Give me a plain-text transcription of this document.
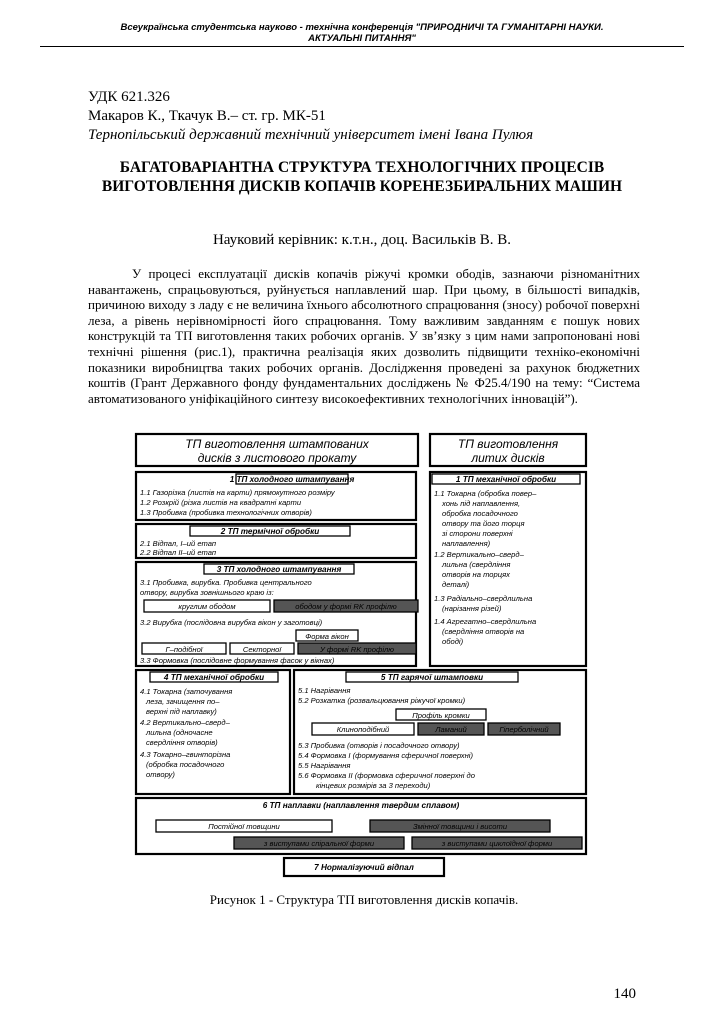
Всеукраїнська студентська науково - технічна конференція "ПРИРОДНИЧІ ТА ГУМАНІТАРНІ НАУКИ.
АКТУАЛЬНІ ПИТАННЯ"
УДК 621.326
Макаров К., Ткачук В.– ст. гр. МК-51
Тернопільський державний технічний університет імені Івана Пулюя
БАГАТОВАРІАНТНА СТРУКТУРА ТЕХНОЛОГІЧНИХ ПРОЦЕСІВ ВИГОТОВЛЕННЯ ДИСКІВ КОПАЧІВ КОРЕНЕЗБИРАЛЬНИХ МАШИН
Науковий керівник: к.т.н., доц. Васильків В. В.

У процесі експлуатації дисків копачів ріжучі кромки ободів, зазнаючи різноманітних навантажень, спрацьовуються, руйнується наплавлений шар. При цьому, в більшості випадків, причиною виходу з ладу є не величина їхнього абсолютного спрацювання (зносу) робочої поверхні леза, а рівень нерівномірності його спрацювання. Тому важливим завданням є пошук нових конструкцій та ТП виготовлення таких робочих органів. У зв’язку з цим нами запропоновані нові технічні рішення (рис.1), практична реалізація яких дозволить підвищити техніко-економічні показники виробництва таких робочих органів. Дослідження проведені за рахунок бюджетних коштів (Грант Державного фонду фундаментальних досліджень № Ф25.4/190 на тему: “Система автоматизованого уніфікаційного синтезу високоефективних технологічних інновацій”).

ТП виготовлення штампованих
дисків з листового прокату
ТП виготовлення
литих дисків
1 ТП холодного штампування
2 ТП термічної обробки
3 ТП холодного штампування
4 ТП механічної обробки	5 ТП гарячої штамповки
6 ТП наплавки (наплавлення твердим сплавом)
7 Нормалізуючий відпал
1 ТП механічної обробки
1.1 Газорізка (листів на карти) прямокутного розміру
1.2 Розкрій (різка листів на квадратні карти
1.3 Пробивка (пробивка технологічних отворів)
2.1 Відпал, I–ий етап
2.2 Відпал II–ий етап
3.1 Пробивка, вирубка. Пробивка центрального
отвору, вирубка зовнішнього краю із:
круглим ободом	ободом у формі RK профілю
3.2 Вирубка (послідовна вирубка вікон у заготовці)
Форма вікон
Г–подібної	Секторної	У формі RK профілю
3.3 Формовка (послідовне формування фасок у вікнах)
4.1 Токарна (заточування
леза, зачищення по–
верхні під наплавку)
4.2 Вертикально–сверд–
лильна (одночасне
свердління отворів)
4.3 Токарно–гвинторізна
(обробка посадочного
отвору)
5.1 Нагрівання
5.2 Розкатка (розвальцювання ріжучої кромки)
Профіль кромки
Клиноподібний	Ламаний	Гіперболічний
5.3 Пробивка (отворів і посадочного отвору)
5.4 Формовка I (формування сферичної поверхні)
5.5 Нагрівання
5.6 Формовка II (формовка сферичної поверхні до
кінцевих розмірів за 3 переходи)
Постійної товщини	Змінної товщини і висоти
з виступами спіральної форми	з виступами циклоїдної форми
1.1 Токарна (обробка повер–
хонь під наплавлення,
обробка посадочного
отвору та його торця
зі сторони поверхні
наплавлення)
1.2 Вертикально–сверд–
лильна (свердління
отворів на торцях
деталі)
1.3 Радіально–свердлильна
(нарізання різей)
1.4 Агрегатно–свердлильна
(свердління отворів на
ободі)
Рисунок 1 - Структура ТП виготовлення дисків копачів.
140
